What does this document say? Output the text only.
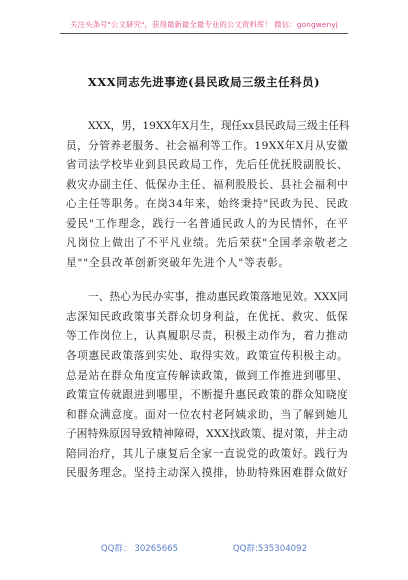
关注头条号"公文研究"，获得最新最全最专业的公文资料库！ 微信：gongwenyj
XXX同志先进事迹(县民政局三级主任科员)
X X X ， 男 ， 1 9 X X 年 X 月 生 ， 现 任 x x 县 民 政 局 三 级 主 任 科
员 ， 分 管 养 老 服 务 、 社 会 福 利 等 工 作 。 1 9 X X 年 X 月 从 安 徽
省 司 法 学 校 毕 业 到 县 民 政 局 工 作 ， 先 后 任 优 抚 股 副 股 长 、
救 灾 办 副 主 任 、 低 保 办 主 任 、 福 利 股 股 长 、 县 社 会 福 利 中
心 主 任 等 职 务 。 在 岗 3 4 年 来 ， 始 终 秉 持 " 民 政 为 民 、 民 政
爱 民 " 工 作 理 念 ， 践 行 一 名 普 通 民 政 人 的 为 民 情 怀 ， 在 平
凡 岗 位 上 做 出 了 不 平 凡 业 绩 。 先 后 荣 获 " 全 国 孝 亲 敬 老 之
星 " " 全 县 改 革 创 新 突 破 年 先 进 个 人 " 等 表 彰 。
一 、 热 心 为 民 办 实 事 ， 推 动 惠 民 政 策 落 地 见 效 。 X X X 同
志 深 知 民 政 政 策 事 关 群 众 切 身 利 益 ， 在 优 抚 、 救 灾 、 低 保
等 工 作 岗 位 上 ， 认 真 履 职 尽 责 ， 积 极 主 动 作 为 ， 着 力 推 动
各 项 惠 民 政 策 落 到 实 处 、 取 得 实 效 。 政 策 宣 传 积 极 主 动 。
总 是 站 在 群 众 角 度 宣 传 解 读 政 策 ， 做 到 工 作 推 进 到 哪 里 、
政 策 宣 传 就 跟 进 到 哪 里 ， 不 断 提 升 惠 民 政 策 的 群 众 知 晓 度
和 群 众 满 意 度 。 面 对 一 位 农 村 老 阿 姨 求 助 ， 当 了 解 到 她 儿
子 困 特 殊 原 因 导 致 精 神 障 碍 ， X X X 找 政 策 、 提 对 策 ， 并 主 动
陪 同 治 疗 ， 其 儿 子 康 复 后 全 家 一 直 说 党 的 政 策 好 。 践 行 为
民 服 务 理 念 。 坚 持 主 动 深 入 摸 排 ， 协 助 特 殊 困 难 群 众 做 好
QQ群： 30265665	QQ群:535304092
